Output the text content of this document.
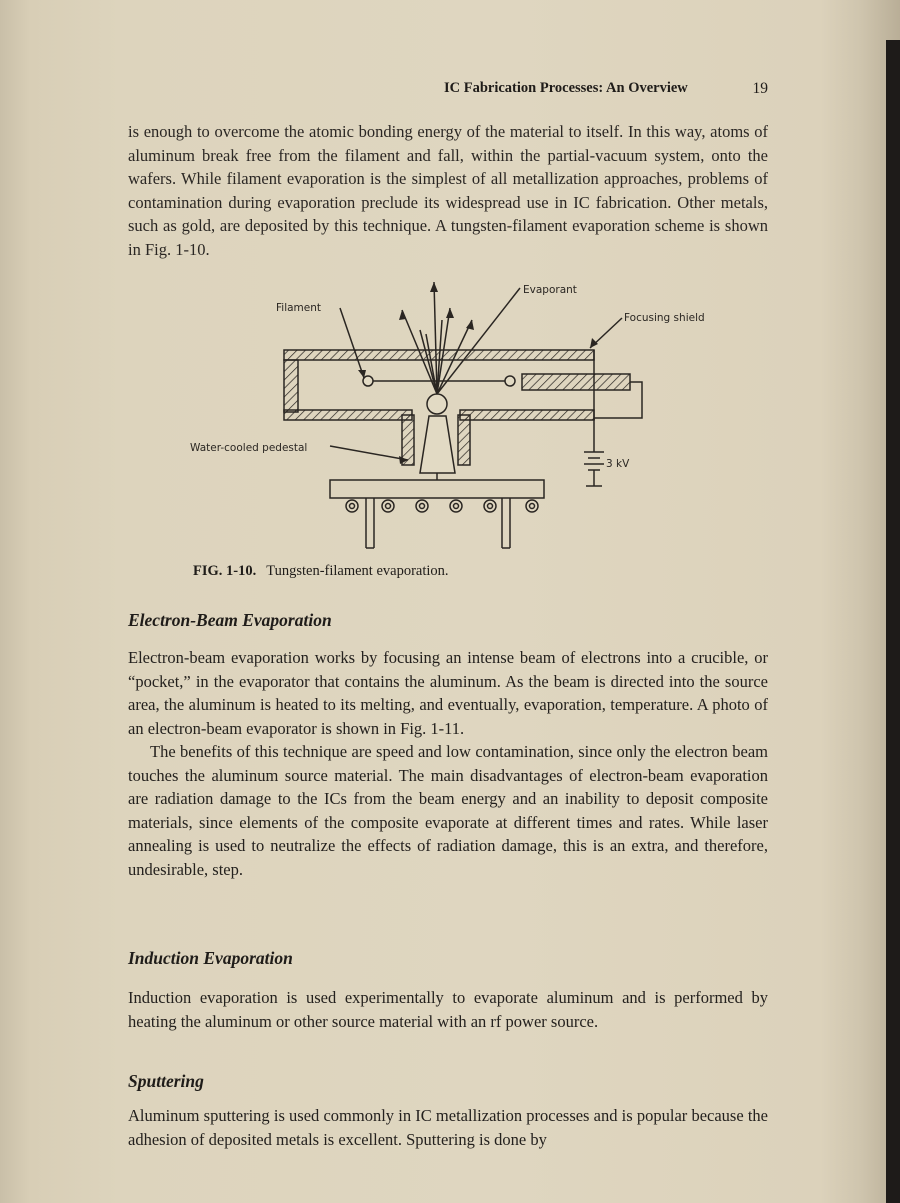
IC Fabrication Processes: An Overview	19

is enough to overcome the atomic bonding energy of the material to itself. In this way, atoms of aluminum break free from the filament and fall, within the partial-vacuum system, onto the wafers. While filament evaporation is the simplest of all metallization approaches, problems of contamination during evaporation preclude its widespread use in IC fabrication. Other metals, such as gold, are deposited by this technique. A tungsten-filament evaporation scheme is shown in Fig. 1-10.

Evaporant
Filament
Focusing shield
Water-cooled pedestal
3 kV
FIG. 1-10. Tungsten-filament evaporation.
Electron-Beam Evaporation

Electron-beam evaporation works by focusing an intense beam of electrons into a crucible, or “pocket,” in the evaporator that contains the aluminum. As the beam is directed into the source area, the aluminum is heated to its melting, and eventually, evaporation, temperature. A photo of an electron-beam evaporator is shown in Fig. 1-11.

The benefits of this technique are speed and low contamination, since only the electron beam touches the aluminum source material. The main disadvantages of electron-beam evaporation are radiation damage to the ICs from the beam energy and an inability to deposit composite materials, since elements of the composite evaporate at different times and rates. While laser annealing is used to neutralize the effects of radiation damage, this is an extra, and therefore, undesirable, step.

Induction Evaporation

Induction evaporation is used experimentally to evaporate aluminum and is performed by heating the aluminum or other source material with an rf power source.

Sputtering

Aluminum sputtering is used commonly in IC metallization processes and is popular because the adhesion of deposited metals is excellent. Sputtering is done by
